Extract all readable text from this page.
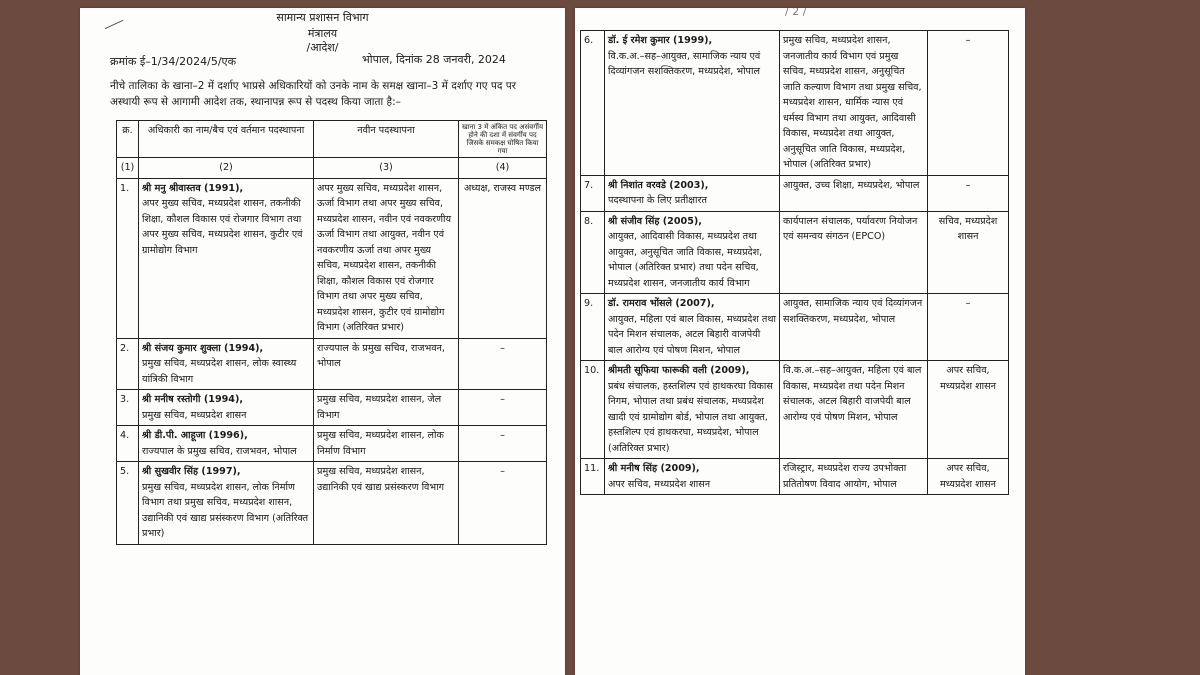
सामान्य प्रशासन विभाग
मंत्रालय
/आदेश/
क्रमांक ई–1/34/2024/5/एक	भोपाल, दिनांक 28 जनवरी, 2024
नीचे तालिका के खाना–2 में दर्शाए भाप्रसे अधिकारियों को उनके नाम के समक्ष खाना–3 में दर्शाए गए पद पर अस्थायी रूप से आगामी आदेश तक, स्थानापन्न रूप से पदस्थ किया जाता है:–
क्र.	अधिकारी का नाम/बैच एवं वर्तमान पदस्थापना	नवीन पदस्थापना	खाना 3 में अंकित पद असंवर्गीय होने की दशा में संवर्गीय पद जिसके समकक्ष घोषित किया गया
(1)	(2)	(3)	(4)
1.	श्री मनु श्रीवास्तव (1991),
अपर मुख्य सचिव, मध्यप्रदेश शासन, तकनीकी शिक्षा, कौशल विकास एवं रोजगार विभाग तथा अपर मुख्य सचिव, मध्यप्रदेश शासन, कुटीर एवं ग्रामोद्योग विभाग	अपर मुख्य सचिव, मध्यप्रदेश शासन, ऊर्जा विभाग तथा अपर मुख्य सचिव, मध्यप्रदेश शासन, नवीन एवं नवकरणीय ऊर्जा विभाग तथा आयुक्त, नवीन एवं नवकरणीय ऊर्जा तथा अपर मुख्य सचिव, मध्यप्रदेश शासन, तकनीकी शिक्षा, कौशल विकास एवं रोजगार विभाग तथा अपर मुख्य सचिव, मध्यप्रदेश शासन, कुटीर एवं ग्रामोद्योग विभाग (अतिरिक्त प्रभार)	अध्यक्ष, राजस्व मण्डल
2.	श्री संजय कुमार शुक्ला (1994),
प्रमुख सचिव, मध्यप्रदेश शासन, लोक स्वास्थ्य यांत्रिकी विभाग	राज्यपाल के प्रमुख सचिव, राजभवन, भोपाल	–
3.	श्री मनीष रस्तोगी (1994),
प्रमुख सचिव, मध्यप्रदेश शासन	प्रमुख सचिव, मध्यप्रदेश शासन, जेल विभाग	–
4.	श्री डी.पी. आहूजा (1996),
राज्यपाल के प्रमुख सचिव, राजभवन, भोपाल	प्रमुख सचिव, मध्यप्रदेश शासन, लोक निर्माण विभाग	–
5.	श्री सुखवीर सिंह (1997),
प्रमुख सचिव, मध्यप्रदेश शासन, लोक निर्माण विभाग तथा प्रमुख सचिव, मध्यप्रदेश शासन, उद्यानिकी एवं खाद्य प्रसंस्करण विभाग (अतिरिक्त प्रभार)	प्रमुख सचिव, मध्यप्रदेश शासन, उद्यानिकी एवं खाद्य प्रसंस्करण विभाग	–
/ 2 /
6.	डॉ. ई रमेश कुमार (1999),
वि.क.अ.–सह–आयुक्त, सामाजिक न्याय एवं दिव्यांगजन सशक्तिकरण, मध्यप्रदेश, भोपाल	प्रमुख सचिव, मध्यप्रदेश शासन, जनजातीय कार्य विभाग एवं प्रमुख सचिव, मध्यप्रदेश शासन, अनुसूचित जाति कल्याण विभाग तथा प्रमुख सचिव, मध्यप्रदेश शासन, धार्मिक न्यास एवं धर्मस्व विभाग तथा आयुक्त, आदिवासी विकास, मध्यप्रदेश तथा आयुक्त, अनुसूचित जाति विकास, मध्यप्रदेश, भोपाल (अतिरिक्त प्रभार)	–
7.	श्री निशांत वरवडे (2003),
पदस्थापना के लिए प्रतीक्षारत	आयुक्त, उच्च शिक्षा, मध्यप्रदेश, भोपाल	–
8.	श्री संजीव सिंह (2005),
आयुक्त, आदिवासी विकास, मध्यप्रदेश तथा आयुक्त, अनुसूचित जाति विकास, मध्यप्रदेश, भोपाल (अतिरिक्त प्रभार) तथा पदेन सचिव, मध्यप्रदेश शासन, जनजातीय कार्य विभाग	कार्यपालन संचालक, पर्यावरण नियोजन एवं समन्वय संगठन (EPCO)	सचिव, मध्यप्रदेश शासन
9.	डॉ. रामराव भोंसले (2007),
आयुक्त, महिला एवं बाल विकास, मध्यप्रदेश तथा पदेन मिशन संचालक, अटल बिहारी वाजपेयी बाल आरोग्य एवं पोषण मिशन, भोपाल	आयुक्त, सामाजिक न्याय एवं दिव्यांगजन सशक्तिकरण, मध्यप्रदेश, भोपाल	–
10.	श्रीमती सूफिया फारूकी वली (2009),
प्रबंध संचालक, हस्तशिल्प एवं हाथकरघा विकास निगम, भोपाल तथा प्रबंध संचालक, मध्यप्रदेश खादी एवं ग्रामोद्योग बोर्ड, भोपाल तथा आयुक्त, हस्तशिल्प एवं हाथकरघा, मध्यप्रदेश, भोपाल (अतिरिक्त प्रभार)	वि.क.अ.–सह–आयुक्त, महिला एवं बाल विकास, मध्यप्रदेश तथा पदेन मिशन संचालक, अटल बिहारी वाजपेयी बाल आरोग्य एवं पोषण मिशन, भोपाल	अपर सचिव, मध्यप्रदेश शासन
11.	श्री मनीष सिंह (2009),
अपर सचिव, मध्यप्रदेश शासन	रजिस्ट्रार, मध्यप्रदेश राज्य उपभोक्ता प्रतितोषण विवाद आयोग, भोपाल	अपर सचिव, मध्यप्रदेश शासन
